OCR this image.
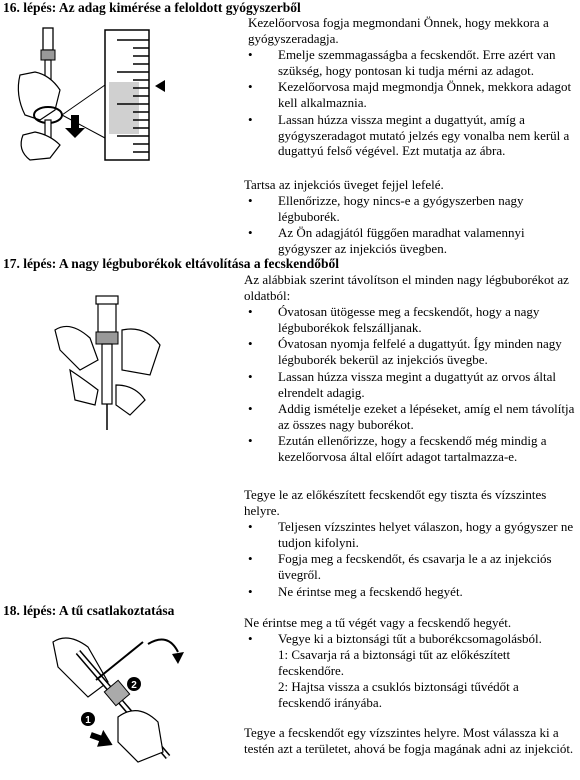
16. lépés: Az adag kimérése a feloldott gyógyszerből
Kezelőorvosa fogja megmondani Önnek, hogy mekkora a gyógyszeradagja.
•	Emelje szemmagasságba a fecskendőt. Erre azért van szükség, hogy pontosan ki tudja mérni az adagot.
•	Kezelőorvosa majd megmondja Önnek, mekkora adagot kell alkalmaznia.
•	Lassan húzza vissza megint a dugattyút, amíg a gyógyszeradagot mutató jelzés egy vonalba nem kerül a dugattyú felső végével. Ezt mutatja az ábra.
Tartsa az injekciós üveget fejjel lefelé.
•	Ellenőrizze, hogy nincs-e a gyógyszerben nagy légbuborék.
•	Az Ön adagjától függően maradhat valamennyi gyógyszer az injekciós üvegben.
17. lépés: A nagy légbuborékok eltávolítása a fecskendőből
Az alábbiak szerint távolítson el minden nagy légbuborékot az oldatból:
•	Óvatosan ütögesse meg a fecskendőt, hogy a nagy légbuborékok felszálljanak.
•	Óvatosan nyomja felfelé a dugattyút. Így minden nagy légbuborék bekerül az injekciós üvegbe.
•	Lassan húzza vissza megint a dugattyút az orvos által elrendelt adagig.
•	Addig ismételje ezeket a lépéseket, amíg el nem távolítja az összes nagy buborékot.
•	Ezután ellenőrizze, hogy a fecskendő még mindig a kezelőorvosa által előírt adagot tartalmazza-e.
Tegye le az előkészített fecskendőt egy tiszta és vízszintes helyre.
•	Teljesen vízszintes helyet válaszon, hogy a gyógyszer ne tudjon kifolyni.
•	Fogja meg a fecskendőt, és csavarja le a az injekciós üvegről.
•	Ne érintse meg a fecskendő hegyét.
18. lépés: A tű csatlakoztatása
2
1
Ne érintse meg a tű végét vagy a fecskendő hegyét.
•	Vegye ki a biztonsági tűt a buborékcsomagolásból.
1: Csavarja rá a biztonsági tűt az előkészített fecskendőre.
2: Hajtsa vissza a csuklós biztonsági tűvédőt a fecskendő irányába.
Tegye a fecskendőt egy vízszintes helyre. Most válassza ki a testén azt a területet, ahová be fogja magának adni az injekciót.
